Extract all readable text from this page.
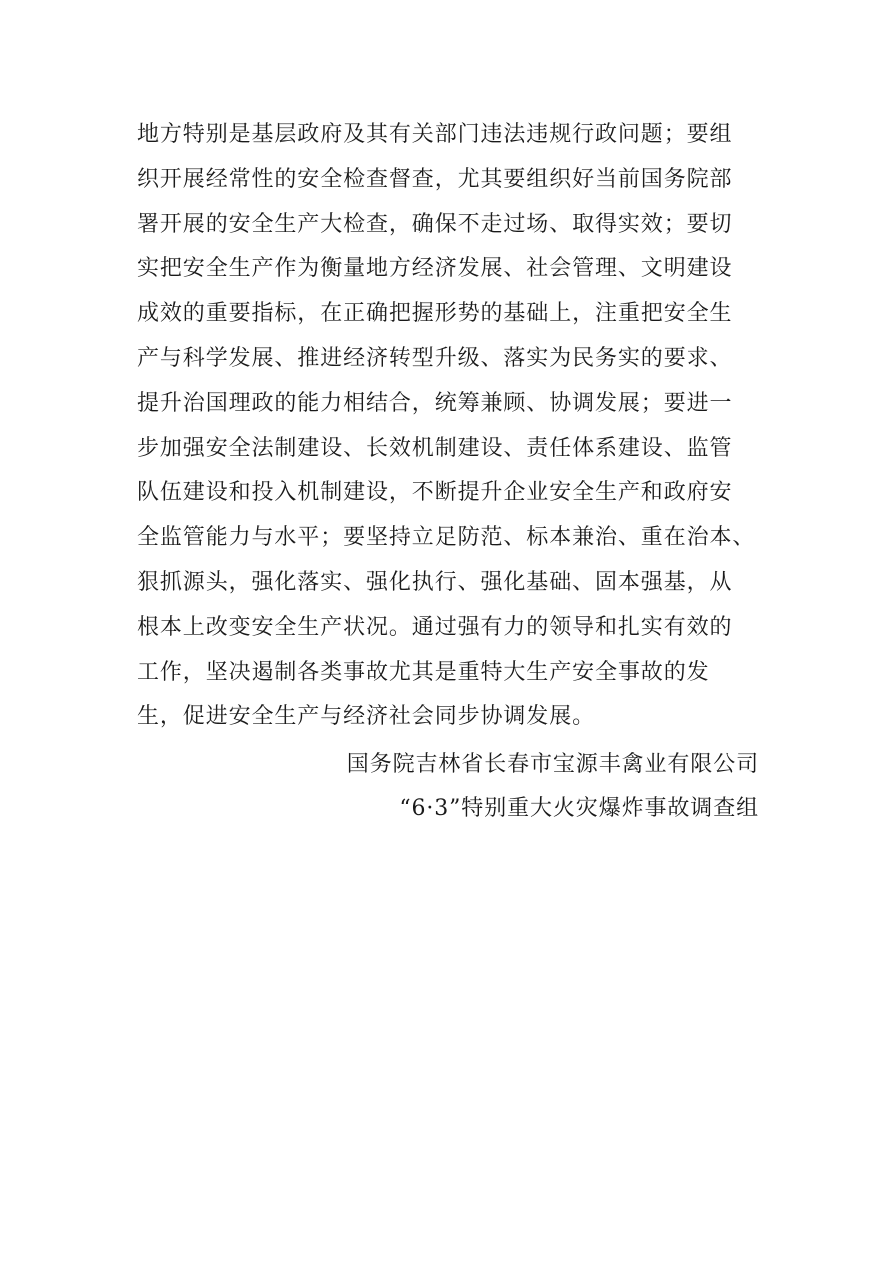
地方特别是基层政府及其有关部门违法违规行政问题；要组
织开展经常性的安全检查督查，尤其要组织好当前国务院部
署开展的安全生产大检查，确保不走过场、取得实效；要切
实把安全生产作为衡量地方经济发展、社会管理、文明建设
成效的重要指标，在正确把握形势的基础上，注重把安全生
产与科学发展、推进经济转型升级、落实为民务实的要求、
提升治国理政的能力相结合，统筹兼顾、协调发展；要进一
步加强安全法制建设、长效机制建设、责任体系建设、监管
队伍建设和投入机制建设，不断提升企业安全生产和政府安
全监管能力与水平；要坚持立足防范、标本兼治、重在治本、
狠抓源头，强化落实、强化执行、强化基础、固本强基，从
根本上改变安全生产状况。通过强有力的领导和扎实有效的
工作，坚决遏制各类事故尤其是重特大生产安全事故的发
生，促进安全生产与经济社会同步协调发展。
国务院吉林省长春市宝源丰禽业有限公司
“6·3”特别重大火灾爆炸事故调查组
